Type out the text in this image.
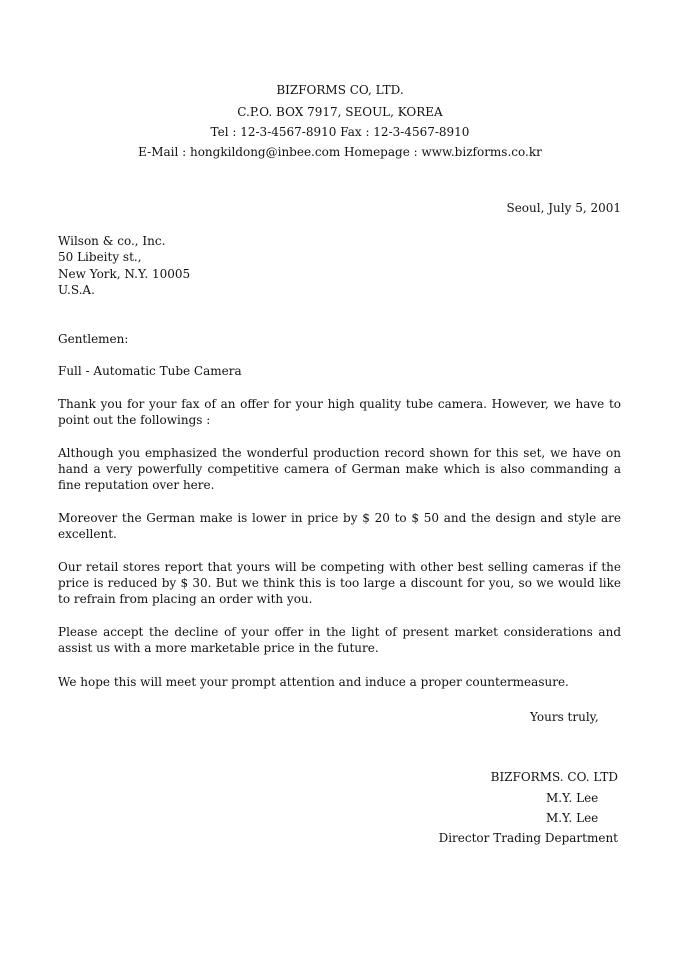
BIZFORMS CO, LTD.
C.P.O. BOX 7917, SEOUL, KOREA
Tel : 12-3-4567-8910 Fax : 12-3-4567-8910
E-Mail : hongkildong@inbee.com Homepage : www.bizforms.co.kr
Seoul, July 5, 2001
Wilson & co., Inc.
50 Libeity st.,
New York, N.Y. 10005
U.S.A.
Gentlemen:
Full - Automatic Tube Camera
Thank you for your fax of an offer for your high quality tube camera. However, we have to point out the followings :
Although you emphasized the wonderful production record shown for this set, we have on hand a very powerfully competitive camera of German make which is also commanding a fine reputation over here.
Moreover the German make is lower in price by $ 20 to $ 50 and the design and style are excellent.
Our retail stores report that yours will be competing with other best selling cameras if the price is reduced by $ 30. But we think this is too large a discount for you, so we would like to refrain from placing an order with you.
Please accept the decline of your offer in the light of present market considerations and assist us with a more marketable price in the future.
We hope this will meet your prompt attention and induce a proper countermeasure.
Yours truly,
BIZFORMS. CO. LTD
M.Y. Lee
M.Y. Lee
Director Trading Department
